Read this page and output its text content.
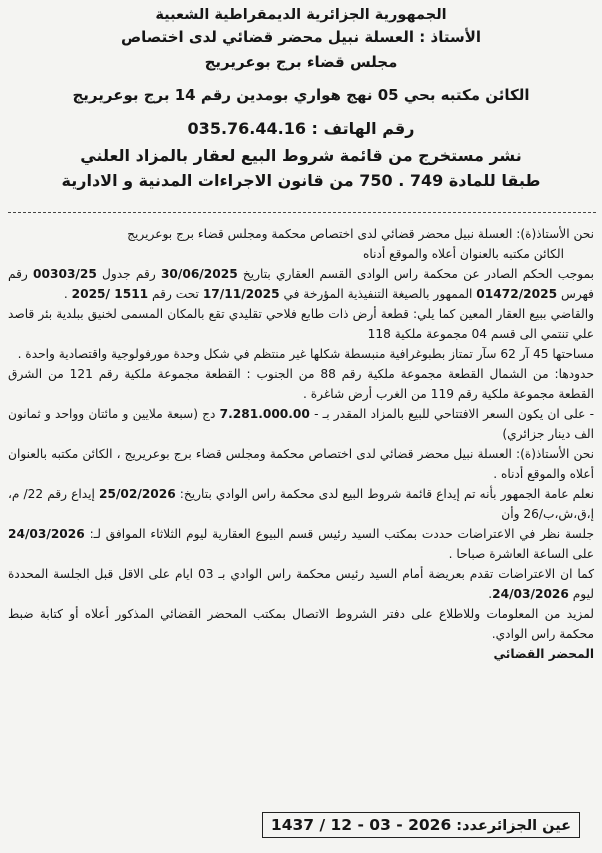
الجمهورية الجزائرية الديمقراطية الشعبية
الأستاذ : العسلة نبيل محضر قضائي لدى اختصاص
مجلس قضاء برج بوعريريج
الكائن مكتبه بحي 05 نهج هواري بومدين رقم 14 برج بوعريريج
رقم الهاتف : 035.76.44.16
نشر مستخرج من قائمة شروط البيع لعقار بالمزاد العلني
طبقا للمادة 749 . 750 من قانون الاجراءات المدنية و الادارية

نحن الأستاذ(ة): العسلة نبيل محضر قضائي لدى اختصاص محكمة ومجلس قضاء برج بوعريريج

الكائن مكتبه بالعنوان أعلاه والموقع أدناه

بموجب الحكم الصادر عن محكمة راس الوادى القسم العقاري بتاريخ 30/06/2025 رقم جدول 00303/25 رقم فهرس 01472/2025 الممهور بالصيغة التنفيذية المؤرخة في 17/11/2025 تحت رقم 1511 /2025 .

والقاضي ببيع العقار المعين كما يلي: قطعة أرض ذات طابع فلاحي تقليدي تقع بالمكان المسمى لخنيق ببلدية بئر قاصد علي تنتمي الى قسم 04 مجموعة ملكية 118

مساحتها 45 آر 62 سآر تمتاز بطبوغرافية منبسطة شكلها غير منتظم في شكل وحدة مورفولوجية واقتصادية واحدة .

حدودها: من الشمال القطعة مجموعة ملكية رقم 88 من الجنوب : القطعة مجموعة ملكية رقم 121 من الشرق القطعة مجموعة ملكية رقم 119 من الغرب أرض شاغرة .

- على ان يكون السعر الافتتاحي للبيع بالمزاد المقدر بـ - 7.281.000.00 دج (سبعة ملايين و مائتان وواحد و ثمانون الف دينار جزائري)

نحن الأستاذ(ة): العسلة نبيل محضر قضائي لدى اختصاص محكمة ومجلس قضاء برج بوعريريج ، الكائن مكتبه بالعنوان أعلاه والموقع أدناه .

نعلم عامة الجمهور بأنه تم إيداع قائمة شروط البيع لدى محكمة راس الوادي بتاريخ: 25/02/2026 إيداع رقم 22/ م، إ،ق،ش،ب/26 وأن

جلسة نظر في الاعتراضات حددت بمكتب السيد رئيس قسم البيوع العقارية ليوم الثلاثاء الموافق لـ: 24/03/2026 على الساعة العاشرة صباحا .

كما ان الاعتراضات تقدم بعريضة أمام السيد رئيس محكمة راس الوادي بـ 03 ايام على الاقل قبل الجلسة المحددة ليوم 24/03/2026.

لمزيد من المعلومات وللاطلاع على دفتر الشروط الاتصال بمكتب المحضر القضائي المذكور أعلاه أو كتابة ضبط محكمة راس الوادي.

المحضر القضائي

عين الجزائرعدد: 1437 / 12 - 03 - 2026
